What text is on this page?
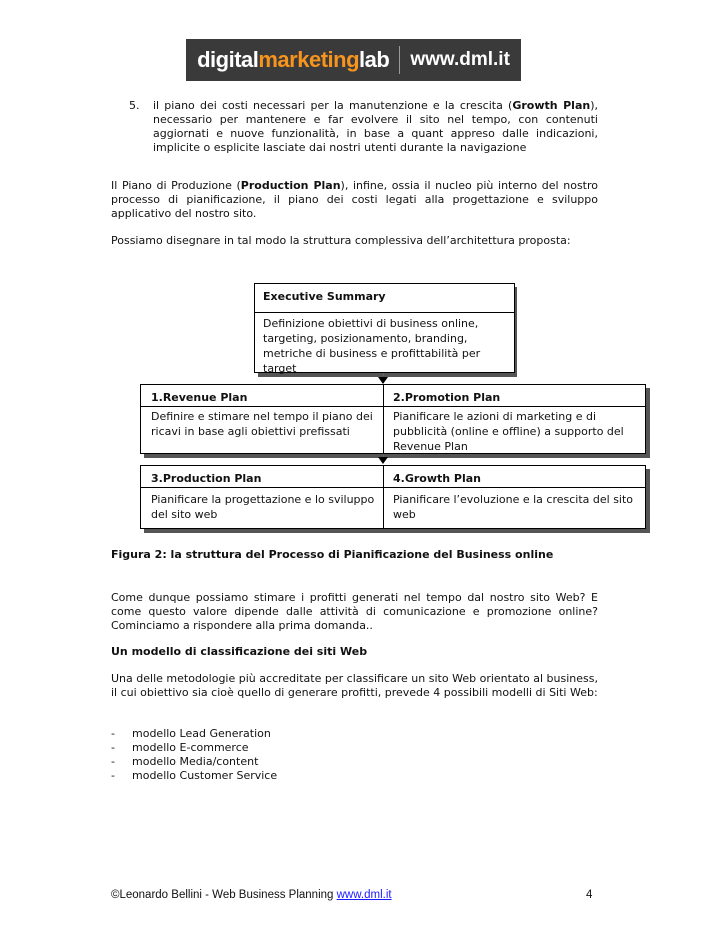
digitalmarketinglab www.dml.it
5. il piano dei costi necessari per la manutenzione e la crescita (Growth Plan), necessario per mantenere e far evolvere il sito nel tempo, con contenuti aggiornati e nuove funzionalità, in base a quant appreso dalle indicazioni, implicite o esplicite lasciate dai nostri utenti durante la navigazione
Il Piano di Produzione (Production Plan), infine, ossia il nucleo più interno del nostro processo di pianificazione, il piano dei costi legati alla progettazione e sviluppo applicativo del nostro sito.
Possiamo disegnare in tal modo la struttura complessiva dell’architettura proposta:
Executive Summary
Definizione obiettivi di business online, targeting, posizionamento, branding, metriche di business e profittabilità per target
1.Revenue Plan	2.Promotion Plan
Definire e stimare nel tempo il piano dei ricavi in base agli obiettivi prefissati
Pianificare le azioni di marketing e di pubblicità (online e offline) a supporto del Revenue Plan
3.Production Plan	4.Growth Plan
Pianificare la progettazione e lo sviluppo del sito web
Pianificare l’evoluzione e la crescita del sito web
Figura 2: la struttura del Processo di Pianificazione del Business online
Come dunque possiamo stimare i profitti generati nel tempo dal nostro sito Web? E come questo valore dipende dalle attività di comunicazione e promozione online? Cominciamo a rispondere alla prima domanda..
Un modello di classificazione dei siti Web
Una delle metodologie più accreditate per classificare un sito Web orientato al business, il cui obiettivo sia cioè quello di generare profitti, prevede 4 possibili modelli di Siti Web:
- modello Lead Generation
- modello E-commerce
- modello Media/content
- modello Customer Service
©Leonardo Bellini - Web Business Planning www.dml.it	4
